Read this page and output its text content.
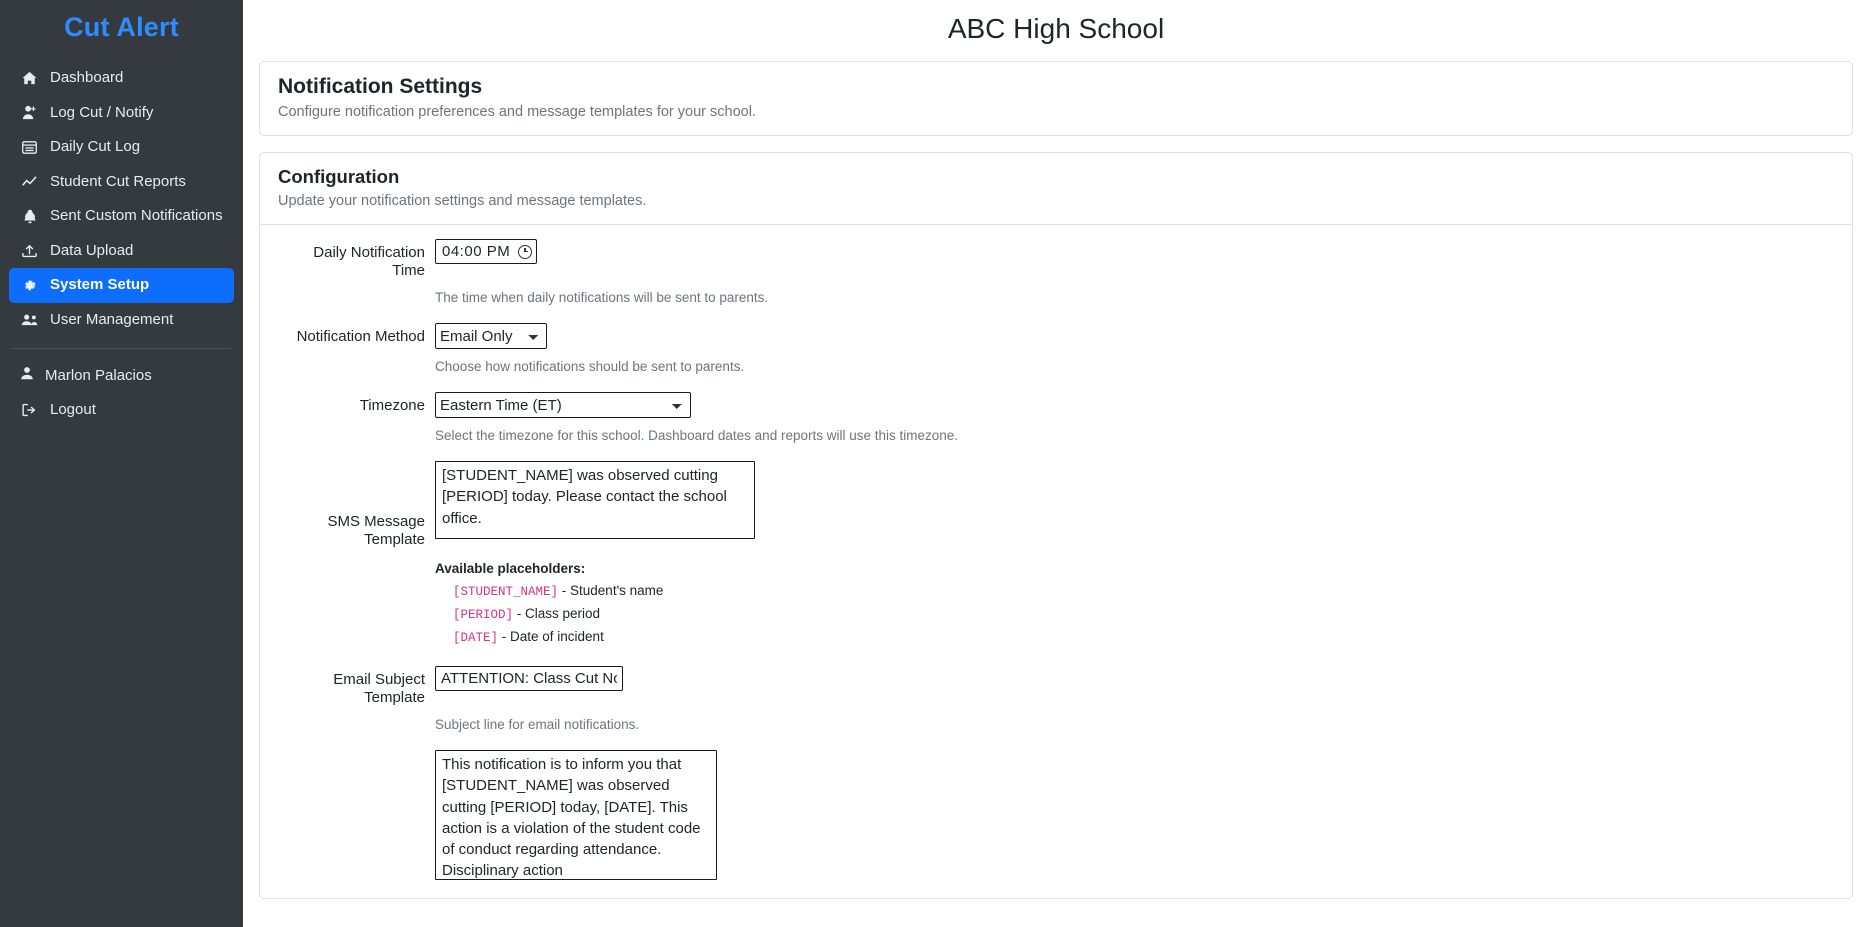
Cut Alert
Dashboard
Log Cut / Notify
Daily Cut Log
Student Cut Reports
Sent Custom Notifications
Data Upload
System Setup
User Management
Marlon Palacios
Logout
ABC High School
Notification Settings

Configure notification preferences and message templates for your school.

Configuration

Update your notification settings and message templates.

Daily Notification Time
04:00 PM
The time when daily notifications will be sent to parents.
Notification Method
Email Only
Choose how notifications should be sent to parents.
Timezone
Eastern Time (ET)
Select the timezone for this school. Dashboard dates and reports will use this timezone.
SMS Message Template
[STUDENT_NAME] was observed cutting [PERIOD] today. Please contact the school office.
Available placeholders:
[STUDENT_NAME] - Student's name
[PERIOD] - Class period
[DATE] - Date of incident
Email Subject Template
ATTENTION: Class Cut No
Subject line for email notifications.
This notification is to inform you that [STUDENT_NAME] was observed cutting [PERIOD] today, [DATE]. This action is a violation of the student code of conduct regarding attendance. Disciplinary action
